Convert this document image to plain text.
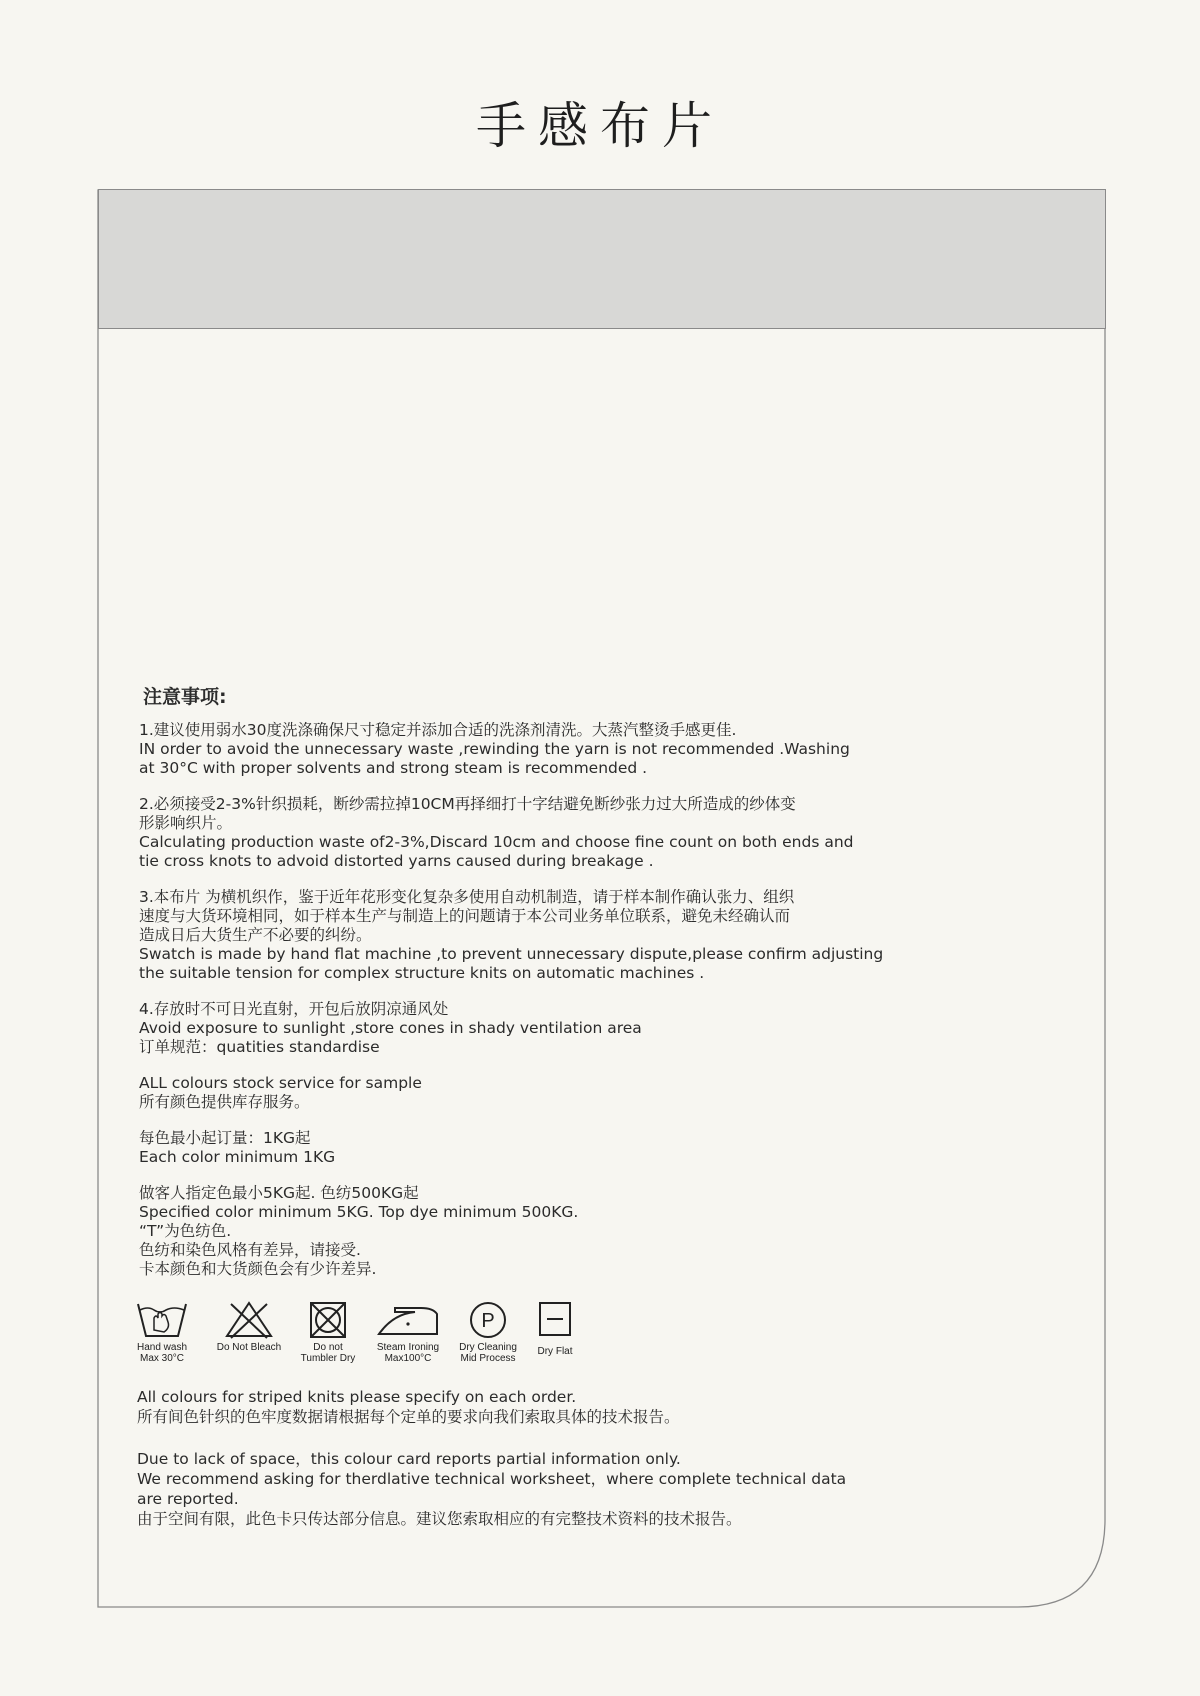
手感布片
注意事项:

1.建议使用弱水30度洗涤确保尺寸稳定并添加合适的洗涤剂清洗。大蒸汽整烫手感更佳.

IN order to avoid the unnecessary waste ,rewinding the yarn is not recommended .Washing

at 30°C with proper solvents and strong steam is recommended .

2.必须接受2-3%针织损耗，断纱需拉掉10CM再择细打十字结避免断纱张力过大所造成的纱体变

形影响织片。

Calculating production waste of2-3%,Discard 10cm and choose fine count on both ends and

tie cross knots to advoid distorted yarns caused during breakage .

3.本布片 为横机织作，鉴于近年花形变化复杂多使用自动机制造，请于样本制作确认张力、组织

速度与大货环境相同，如于样本生产与制造上的问题请于本公司业务单位联系，避免未经确认而

造成日后大货生产不必要的纠纷。

Swatch is made by hand flat machine ,to prevent unnecessary dispute,please confirm adjusting

the suitable tension for complex structure knits on automatic machines .

4.存放时不可日光直射，开包后放阴凉通风处

Avoid exposure to sunlight ,store cones in shady ventilation area

订单规范：quatities standardise

ALL colours stock service for sample

所有颜色提供库存服务。

每色最小起订量：1KG起

Each color minimum 1KG

做客人指定色最小5KG起. 色纺500KG起

Specified color minimum 5KG. Top dye minimum 500KG.

“T”为色纺色.

色纺和染色风格有差异，请接受.

卡本颜色和大货颜色会有少许差异.

Hand wash
Max 30°C
Do Not Bleach	Do not
Tumbler Dry
Steam Ironing
Max100°C
P
Dry Cleaning
Mid Process
Dry Flat

All colours for striped knits please specify on each order.

所有间色针织的色牢度数据请根据每个定单的要求向我们索取具体的技术报告。

Due to lack of space，this colour card reports partial information only.

We recommend asking for therdlative technical worksheet，where complete technical data

are reported.

由于空间有限，此色卡只传达部分信息。建议您索取相应的有完整技术资料的技术报告。
